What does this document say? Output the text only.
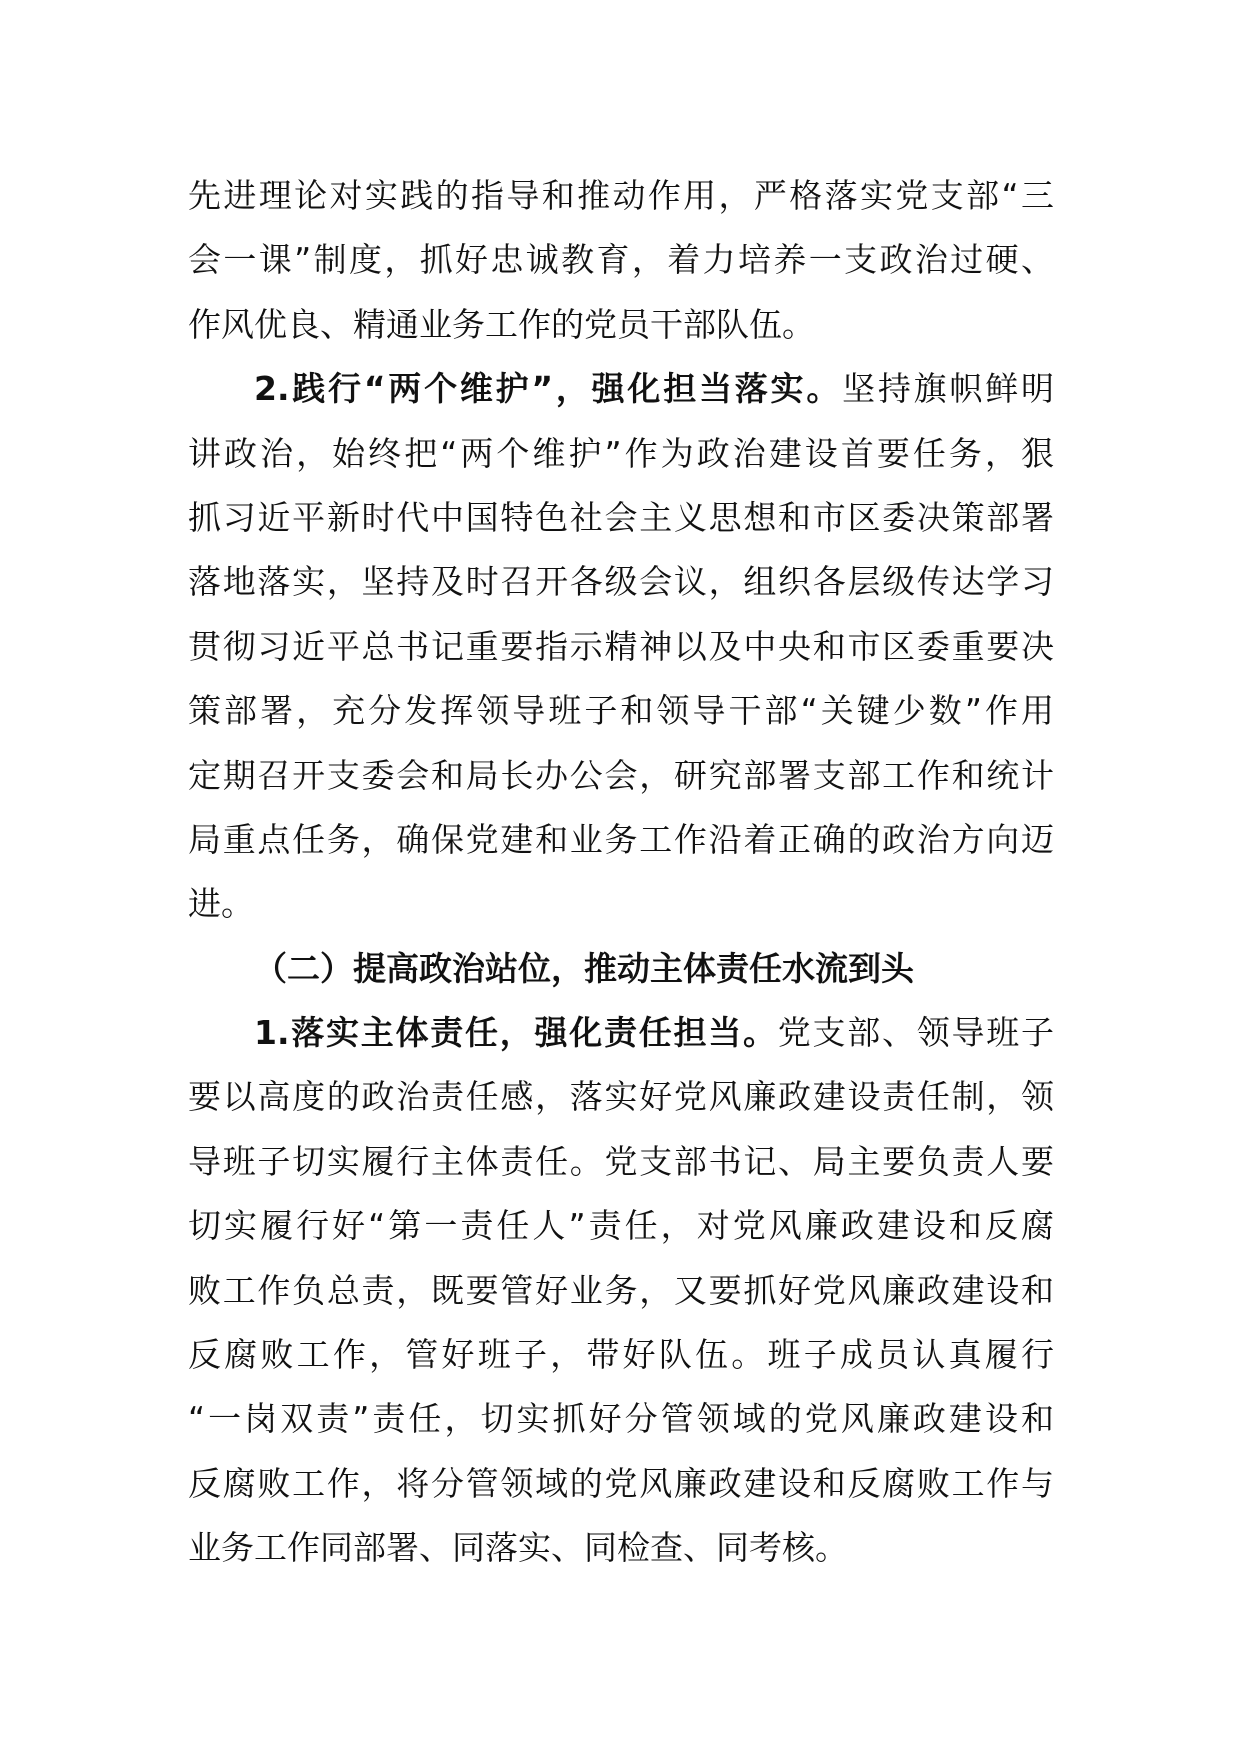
先进理论对实践的指导和推动作用，严格落实党支部“三
会一课”制度，抓好忠诚教育，着力培养一支政治过硬、
作风优良、精通业务工作的党员干部队伍。
2.践行“两个维护”，强化担当落实。坚持旗帜鲜明
讲政治，始终把“两个维护”作为政治建设首要任务，狠
抓习近平新时代中国特色社会主义思想和市区委决策部署
落地落实，坚持及时召开各级会议，组织各层级传达学习
贯彻习近平总书记重要指示精神以及中央和市区委重要决
策部署，充分发挥领导班子和领导干部“关键少数”作用
定期召开支委会和局长办公会，研究部署支部工作和统计
局重点任务，确保党建和业务工作沿着正确的政治方向迈
进。
（二）提高政治站位，推动主体责任水流到头
1.落实主体责任，强化责任担当。党支部、领导班子
要以高度的政治责任感，落实好党风廉政建设责任制，领
导班子切实履行主体责任。党支部书记、局主要负责人要
切实履行好“第一责任人”责任，对党风廉政建设和反腐
败工作负总责，既要管好业务，又要抓好党风廉政建设和
反腐败工作，管好班子，带好队伍。班子成员认真履行
“一岗双责”责任，切实抓好分管领域的党风廉政建设和
反腐败工作，将分管领域的党风廉政建设和反腐败工作与
业务工作同部署、同落实、同检查、同考核。
